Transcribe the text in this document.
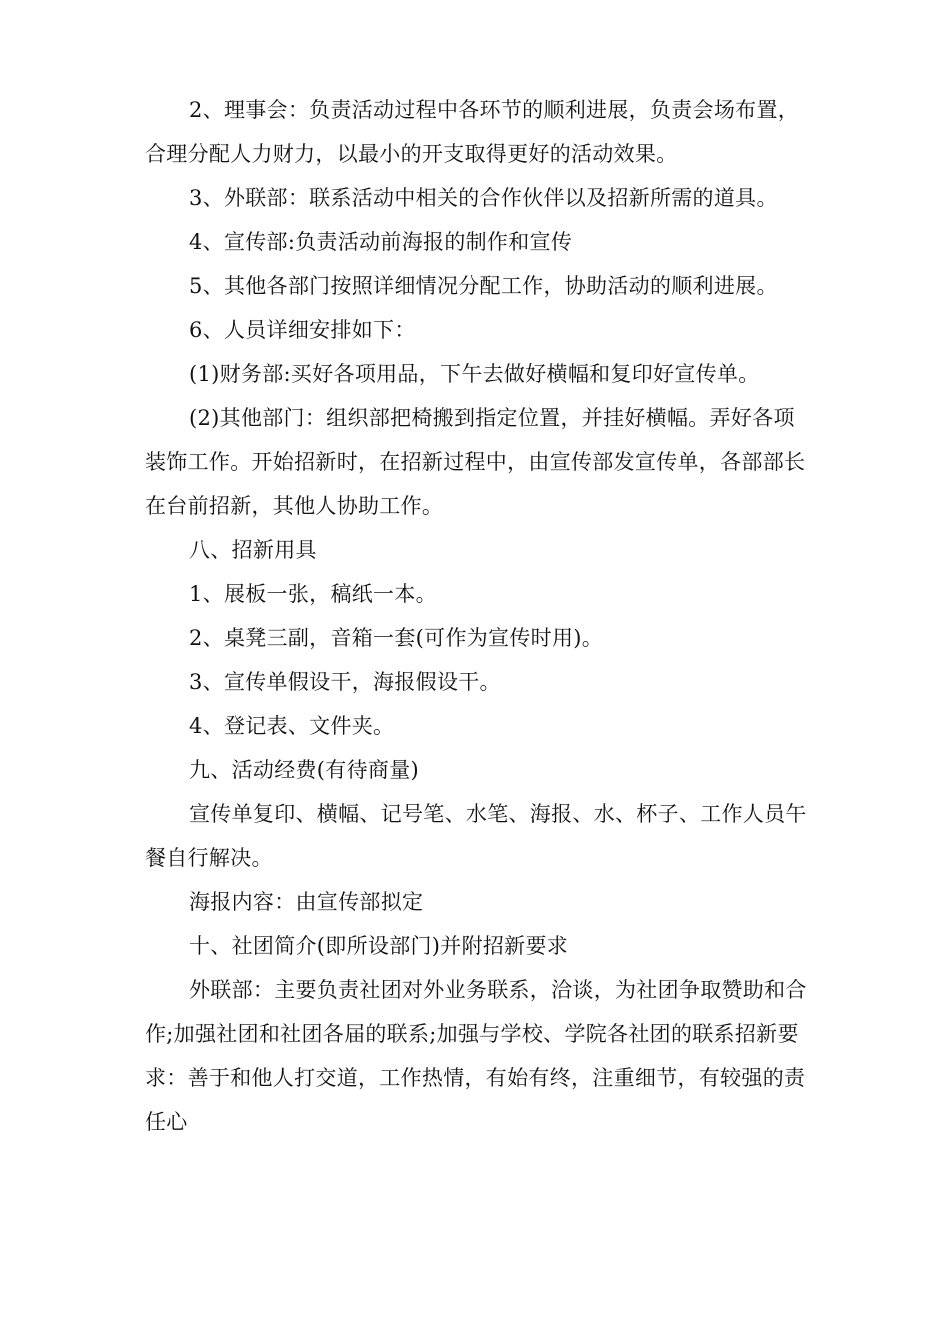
2、理事会：负责活动过程中各环节的顺利进展，负责会场布置，合理分配人力财力，以最小的开支取得更好的活动效果。

3、外联部：联系活动中相关的合作伙伴以及招新所需的道具。

4、宣传部:负责活动前海报的制作和宣传

5、其他各部门按照详细情况分配工作，协助活动的顺利进展。

6、人员详细安排如下：

(1)财务部:买好各项用品，下午去做好横幅和复印好宣传单。

(2)其他部门：组织部把椅搬到指定位置，并挂好横幅。弄好各项装饰工作。开始招新时，在招新过程中，由宣传部发宣传单，各部部长在台前招新，其他人协助工作。

八、招新用具

1、展板一张，稿纸一本。

2、桌凳三副，音箱一套(可作为宣传时用)。

3、宣传单假设干，海报假设干。

4、登记表、文件夹。

九、活动经费(有待商量)

宣传单复印、横幅、记号笔、水笔、海报、水、杯子、工作人员午餐自行解决。

海报内容：由宣传部拟定

十、社团简介(即所设部门)并附招新要求

外联部：主要负责社团对外业务联系，洽谈，为社团争取赞助和合作;加强社团和社团各届的联系;加强与学校、学院各社团的联系招新要求：善于和他人打交道，工作热情，有始有终，注重细节，有较强的责任心
